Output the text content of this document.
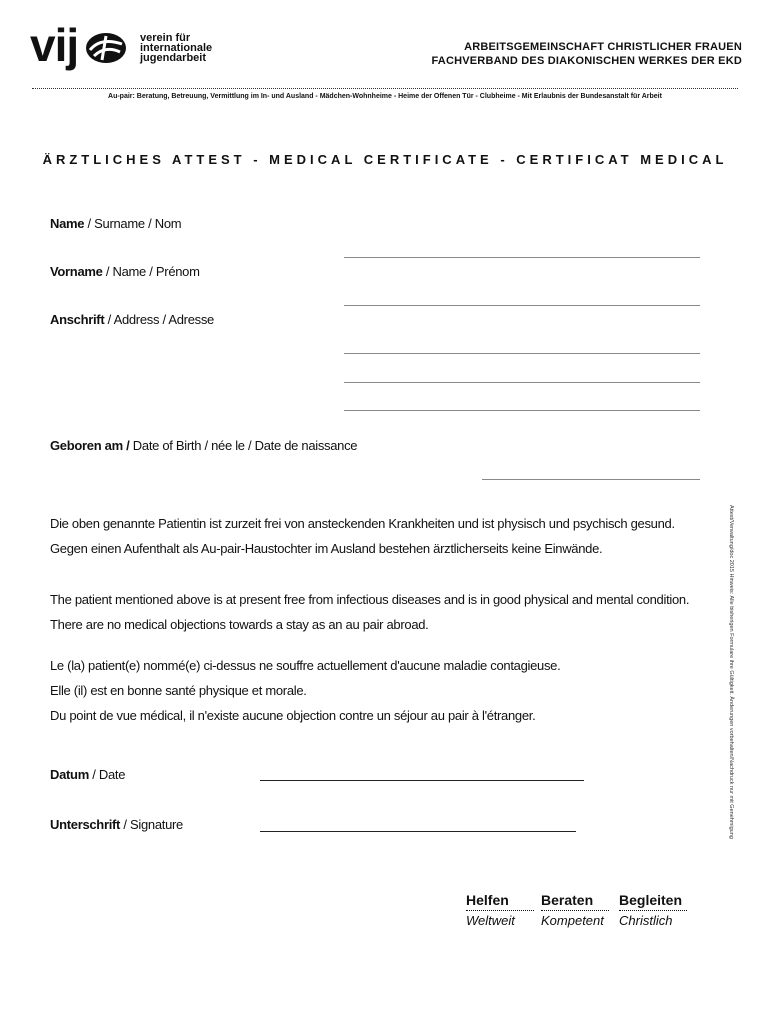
vij	verein für
internationale
jugendarbeit
ARBEITSGEMEINSCHAFT CHRISTLICHER FRAUEN
FACHVERBAND DES DIAKONISCHEN WERKES DER EKD
Au-pair: Beratung, Betreuung, Vermittlung im In- und Ausland - Mädchen-Wohnheime - Heime der Offenen Tür - Clubheime - Mit Erlaubnis der Bundesanstalt für Arbeit
ÄRZTLICHES ATTEST - MEDICAL CERTIFICATE - CERTIFICAT MEDICAL
Name / Surname / Nom
Vorname / Name / Prénom
Anschrift / Address / Adresse
Geboren am / Date of Birth / née le / Date de naissance
Die oben genannte Patientin ist zurzeit frei von ansteckenden Krankheiten und ist physisch und psychisch gesund.
Gegen einen Aufenthalt als Au-pair-Haustochter im Ausland bestehen ärztlicherseits keine Einwände.
The patient mentioned above is at present free from infectious diseases and is in good physical and mental condition.
There are no medical objections towards a stay as an au pair abroad.
Le (la) patient(e) nommé(e) ci-dessus ne souffre actuellement d'aucune maladie contagieuse.
Elle (il) est en bonne santé physique et morale.
Du point de vue médical, il n'existe aucune objection contre un séjour au pair à l'étranger.
Datum / Date
Unterschrift / Signature	Attest/Verwaltung/doc 2015 Hinweis: Alle bisherigen Formulare ihre Gültigkeit. Änderungen vorbehalten/Nachdruck nur mit Genehmigung
Helfen
Weltweit
Beraten
Kompetent
Begleiten
Christlich
